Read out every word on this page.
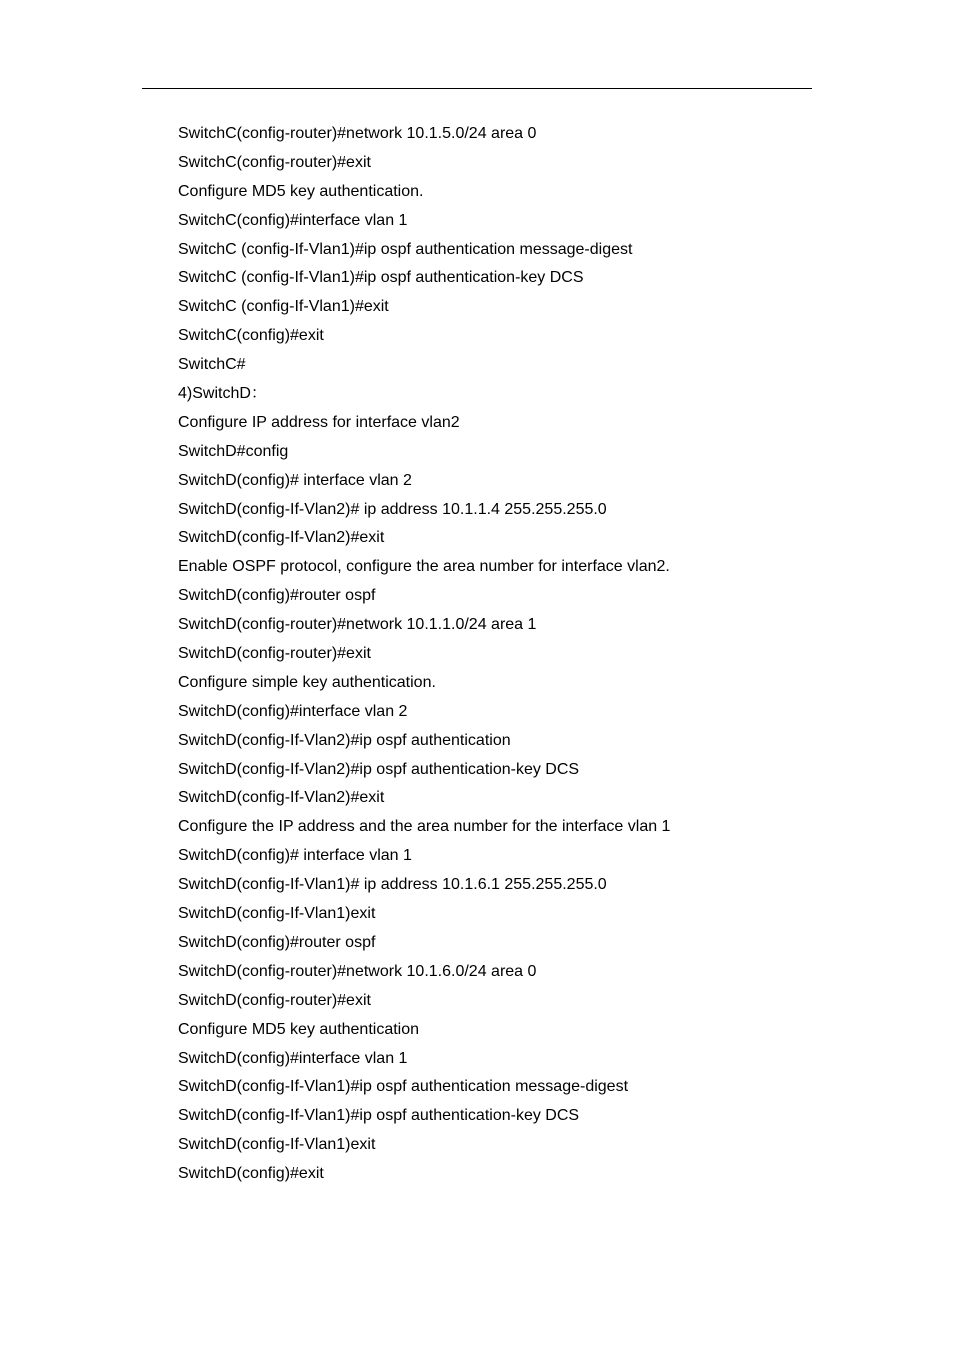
SwitchC(config-router)#network 10.1.5.0/24 area 0
SwitchC(config-router)#exit
Configure MD5 key authentication.
SwitchC(config)#interface vlan 1
SwitchC (config-If-Vlan1)#ip ospf authentication message-digest
SwitchC (config-If-Vlan1)#ip ospf authentication-key DCS
SwitchC (config-If-Vlan1)#exit
SwitchC(config)#exit
SwitchC#
4)SwitchD：
Configure IP address for interface vlan2
SwitchD#config
SwitchD(config)# interface vlan 2
SwitchD(config-If-Vlan2)# ip address 10.1.1.4 255.255.255.0
SwitchD(config-If-Vlan2)#exit
Enable OSPF protocol, configure the area number for interface vlan2.
SwitchD(config)#router ospf
SwitchD(config-router)#network 10.1.1.0/24 area 1
SwitchD(config-router)#exit
Configure simple key authentication.
SwitchD(config)#interface vlan 2
SwitchD(config-If-Vlan2)#ip ospf authentication
SwitchD(config-If-Vlan2)#ip ospf authentication-key DCS
SwitchD(config-If-Vlan2)#exit
Configure the IP address and the area number for the interface vlan 1
SwitchD(config)# interface vlan 1
SwitchD(config-If-Vlan1)# ip address 10.1.6.1 255.255.255.0
SwitchD(config-If-Vlan1)exit
SwitchD(config)#router ospf
SwitchD(config-router)#network 10.1.6.0/24 area 0
SwitchD(config-router)#exit
Configure MD5 key authentication
SwitchD(config)#interface vlan 1
SwitchD(config-If-Vlan1)#ip ospf authentication message-digest
SwitchD(config-If-Vlan1)#ip ospf authentication-key DCS
SwitchD(config-If-Vlan1)exit
SwitchD(config)#exit
